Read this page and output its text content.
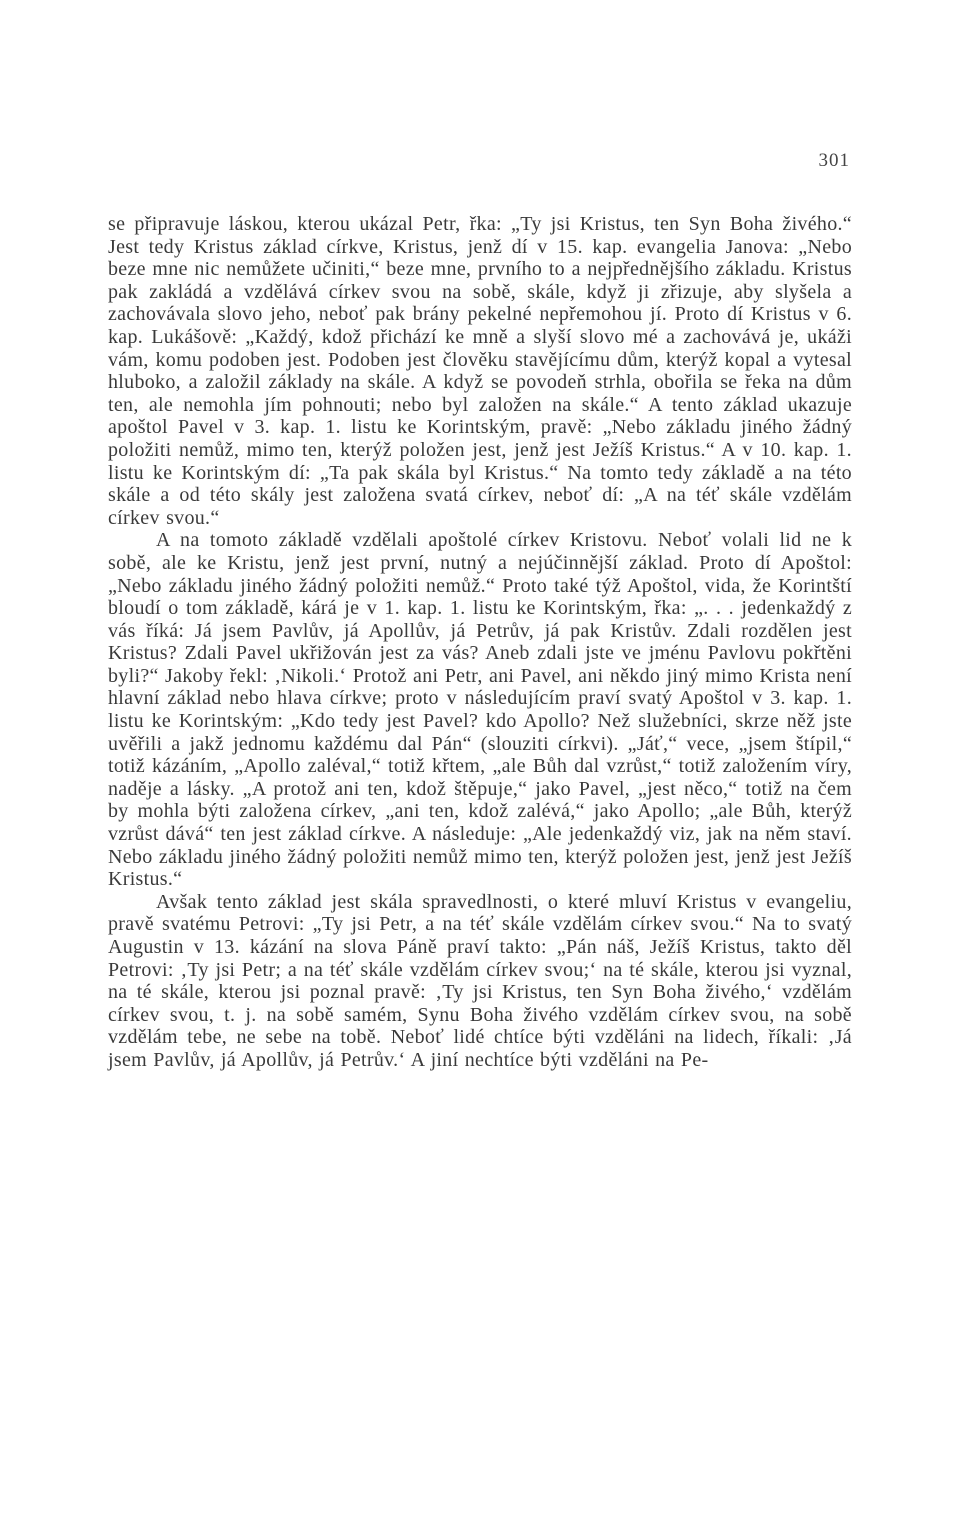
301

se připravuje láskou, kterou ukázal Petr, řka: „Ty jsi Kristus, ten Syn Boha živého.“ Jest tedy Kristus základ církve, Kristus, jenž dí v 15. kap. evangelia Janova: „Nebo beze mne nic nemůžete učiniti,“ beze mne, prvního to a nejpřednějšího základu. Kristus pak zakládá a vzdělává církev svou na sobě, skále, když ji zřizuje, aby slyšela a zachovávala slovo jeho, neboť pak brány pekelné nepřemohou jí. Proto dí Kristus v 6. kap. Lukášově: „Každý, kdož přichází ke mně a slyší slovo mé a zachovává je, ukáži vám, komu podoben jest. Podoben jest člověku stavějícímu dům, kterýž kopal a vytesal hluboko, a založil základy na skále. A když se povodeň strhla, obořila se řeka na dům ten, ale nemohla jím pohnouti; nebo byl založen na skále.“ A tento základ ukazuje apoštol Pavel v 3. kap. 1. listu ke Korintským, pravě: „Nebo základu jiného žádný položiti nemůž, mimo ten, kterýž položen jest, jenž jest Ježíš Kristus.“ A v 10. kap. 1. listu ke Korintským dí: „Ta pak skála byl Kristus.“ Na tomto tedy základě a na této skále a od této skály jest založena svatá církev, neboť dí: „A na téť skále vzdělám církev svou.“

A na tomoto základě vzdělali apoštolé církev Kristovu. Neboť volali lid ne k sobě, ale ke Kristu, jenž jest první, nutný a nejúčinnější základ. Proto dí Apoštol: „Nebo základu jiného žádný položiti nemůž.“ Proto také týž Apoštol, vida, že Korintští bloudí o tom základě, kárá je v 1. kap. 1. listu ke Korintským, řka: „. . . jedenkaždý z vás říká: Já jsem Pavlův, já Apollův, já Petrův, já pak Kristův. Zdali rozdělen jest Kristus? Zdali Pavel ukřižován jest za vás? Aneb zdali jste ve jménu Pavlovu pokřtěni byli?“ Jakoby řekl: ‚Nikoli.‘ Protož ani Petr, ani Pavel, ani někdo jiný mimo Krista není hlavní základ nebo hlava církve; proto v následujícím praví svatý Apoštol v 3. kap. 1. listu ke Korintským: „Kdo tedy jest Pavel? kdo Apollo? Než služebníci, skrze něž jste uvěřili a jakž jednomu každému dal Pán“ (slouziti církvi). „Jáť,“ vece, „jsem štípil,“ totiž kázáním, „Apollo zaléval,“ totiž křtem, „ale Bůh dal vzrůst,“ totiž založením víry, naděje a lásky. „A protož ani ten, kdož štěpuje,“ jako Pavel, „jest něco,“ totiž na čem by mohla býti založena církev, „ani ten, kdož zalévá,“ jako Apollo; „ale Bůh, kterýž vzrůst dává“ ten jest základ církve. A následuje: „Ale jedenkaždý viz, jak na něm staví. Nebo základu jiného žádný položiti nemůž mimo ten, kterýž položen jest, jenž jest Ježíš Kristus.“

Avšak tento základ jest skála spravedlnosti, o které mluví Kristus v evangeliu, pravě svatému Petrovi: „Ty jsi Petr, a na téť skále vzdělám církev svou.“ Na to svatý Augustin v 13. kázání na slova Páně praví takto: „Pán náš, Ježíš Kristus, takto děl Petrovi: ‚Ty jsi Petr; a na téť skále vzdělám církev svou;‘ na té skále, kterou jsi vyznal, na té skále, kterou jsi poznal pravě: ‚Ty jsi Kristus, ten Syn Boha živého,‘ vzdělám církev svou, t. j. na sobě samém, Synu Boha živého vzdělám církev svou, na sobě vzdělám tebe, ne sebe na tobě. Neboť lidé chtíce býti vzděláni na lidech, říkali: ‚Já jsem Pavlův, já Apollův, já Petrův.‘ A jiní nechtíce býti vzděláni na Pe-
